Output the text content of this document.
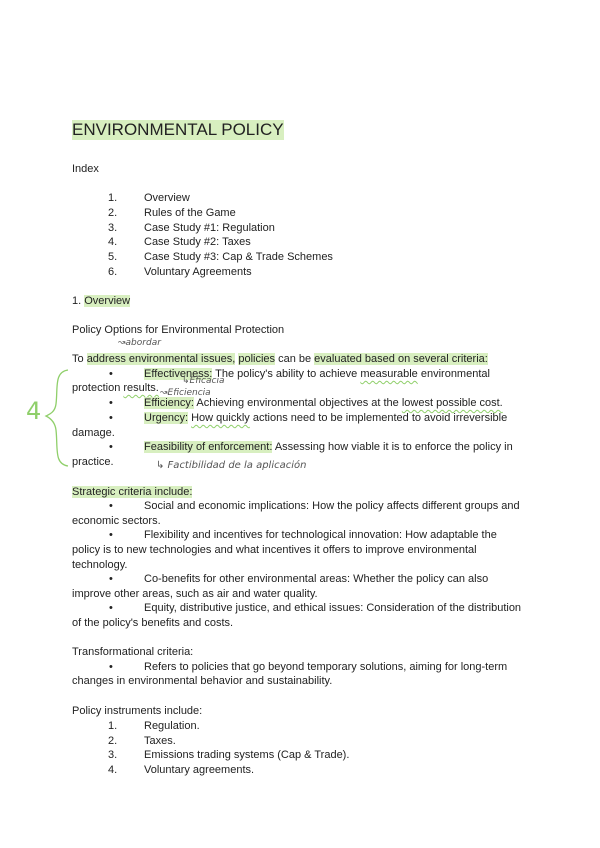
ENVIRONMENTAL POLICY
Index
1. Overview
2. Rules of the Game
3. Case Study #1: Regulation
4. Case Study #2: Taxes
5. Case Study #3: Cap & Trade Schemes
6. Voluntary Agreements
1. Overview
Policy Options for Environmental Protection
To address environmental issues, policies can be evaluated based on several criteria:
•	Effectiveness: The policy's ability to achieve measurable environmental
protection results.
•	Efficiency: Achieving environmental objectives at the lowest possible cost.
•	Urgency: How quickly actions need to be implemented to avoid irreversible
damage.
•	Feasibility of enforcement: Assessing how viable it is to enforce the policy in
practice.
Strategic criteria include:
•	Social and economic implications: How the policy affects different groups and
economic sectors.
•	Flexibility and incentives for technological innovation: How adaptable the
policy is to new technologies and what incentives it offers to improve environmental
technology.
•	Co-benefits for other environmental areas: Whether the policy can also
improve other areas, such as air and water quality.
•	Equity, distributive justice, and ethical issues: Consideration of the distribution
of the policy's benefits and costs.
Transformational criteria:
•	Refers to policies that go beyond temporary solutions, aiming for long-term
changes in environmental behavior and sustainability.
Policy instruments include:
1. Regulation.
2. Taxes.
3. Emissions trading systems (Cap & Trade).
4. Voluntary agreements.
↝abordar
↳Eficacia
↝Eficiencia
↳ Factibilidad de la aplicación
4
